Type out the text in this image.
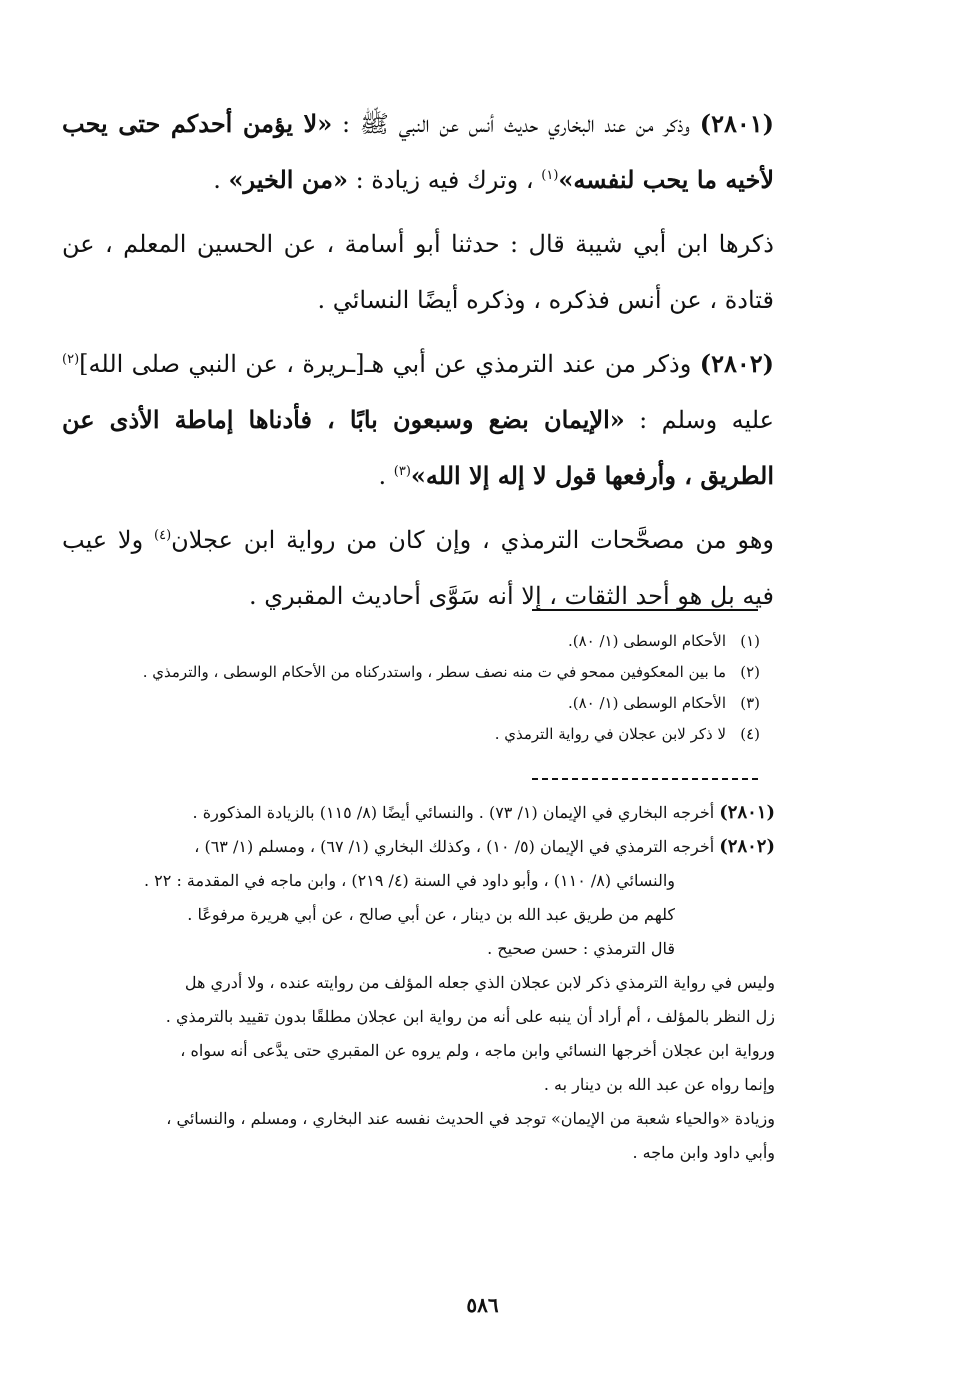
(٢٨٠١) وذكر من عند البخاري حديث أنس عن النبي ﷺ : «لا يؤمن أحدكم حتى يحب لأخيه ما يحب لنفسه»$^{(١)}$ ، وترك فيه زيادة : «من الخير» .

ذكرها ابن أبي شيبة قال : حدثنا أبو أسامة ، عن الحسين المعلم ، عن قتادة ، عن أنس فذكره ، وذكره أيضًا النسائي .

(٢٨٠٢) وذكر من عند الترمذي عن أبي هـ[ـريرة ، عن النبي صلى الله]$^{(٢)}$ عليه وسلم : «الإيمان بضع وسبعون بابًا ، فأدناها إماطة الأذى عن الطريق ، وأرفعها قول لا إله إلا الله»$^{(٣)}$ .

وهو من مصحَّحات الترمذي ، وإن كان من رواية ابن عجلان$^{(٤)}$ ولا عيب فيه بل هو أحد الثقات ، إلا أنه سَوَّى أحاديث المقبري .

(١)
الأحكام الوسطى (١/ ٨٠).
(٢)
ما بين المعكوفين ممحو في ت منه نصف سطر ، واستدركناه من الأحكام الوسطى ، والترمذي .
(٣)
الأحكام الوسطى (١/ ٨٠).
(٤)
لا ذكر لابن عجلان في رواية الترمذي .
(٢٨٠١) أخرجه البخاري في الإيمان (١/ ٧٣) . والنسائي أيضًا (٨/ ١١٥) بالزيادة المذكورة .
(٢٨٠٢) أخرجه الترمذي في الإيمان (٥/ ١٠) ، وكذلك البخاري (١/ ٦٧) ، ومسلم (١/ ٦٣) ،
والنسائي (٨/ ١١٠) ، وأبو داود في السنة (٤/ ٢١٩) ، وابن ماجه في المقدمة : ٢٢ .
كلهم من طريق عبد الله بن دينار ، عن أبي صالح ، عن أبي هريرة مرفوعًا .
قال الترمذي : حسن صحيح .
وليس في رواية الترمذي ذكر لابن عجلان الذي جعله المؤلف من روايته عنده ، ولا أدري هل
زل النظر بالمؤلف ، أم أراد أن ينبه على أنه من رواية ابن عجلان مطلقًا بدون تقييد بالترمذي .
ورواية ابن عجلان أخرجها النسائي وابن ماجه ، ولم يروه عن المقبري حتى يدَّعى أنه سواه ،
وإنما رواه عن عبد الله بن دينار به .
وزيادة «والحياء شعبة من الإيمان» توجد في الحديث نفسه عند البخاري ، ومسلم ، والنسائي ،
وأبي داود وابن ماجه .
٥٨٦
